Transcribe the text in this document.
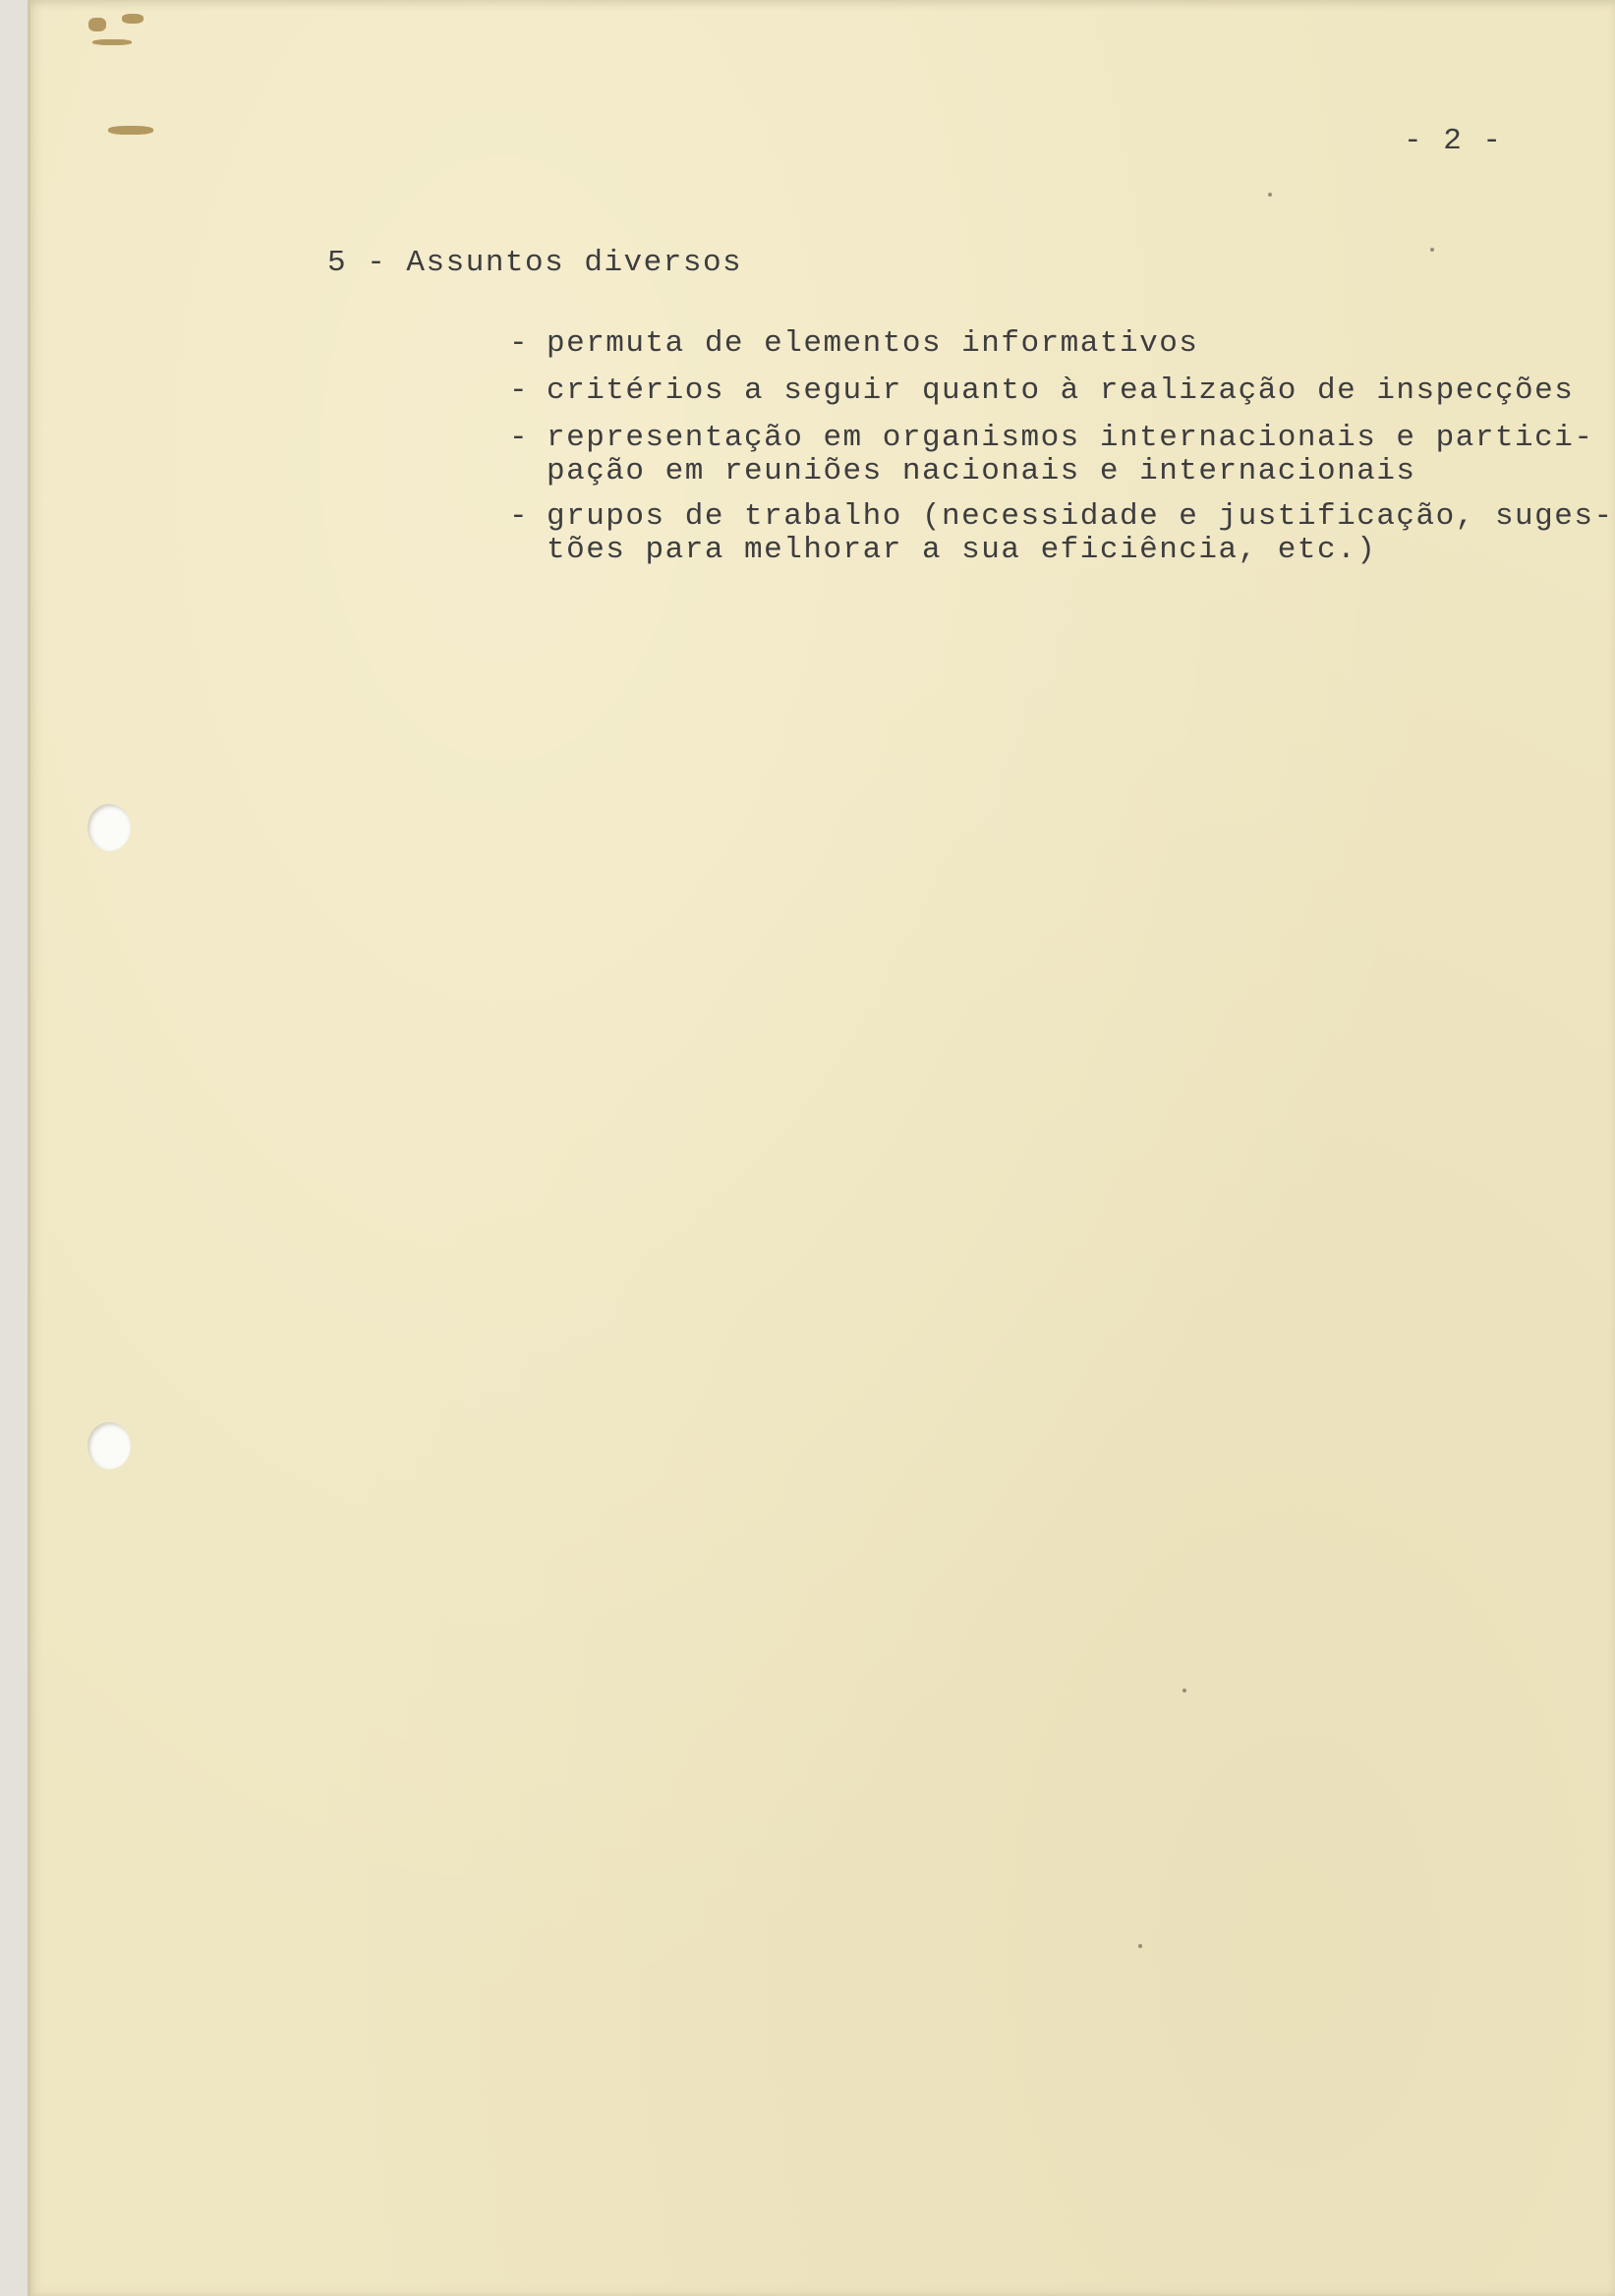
- 2 -
5 - Assuntos diversos
- permuta de elementos informativos
- critérios a seguir quanto à realização de inspecções
- representação em organismos internacionais e partici-
pação em reuniões nacionais e internacionais
- grupos de trabalho (necessidade e justificação, suges-
tões para melhorar a sua eficiência, etc.)
